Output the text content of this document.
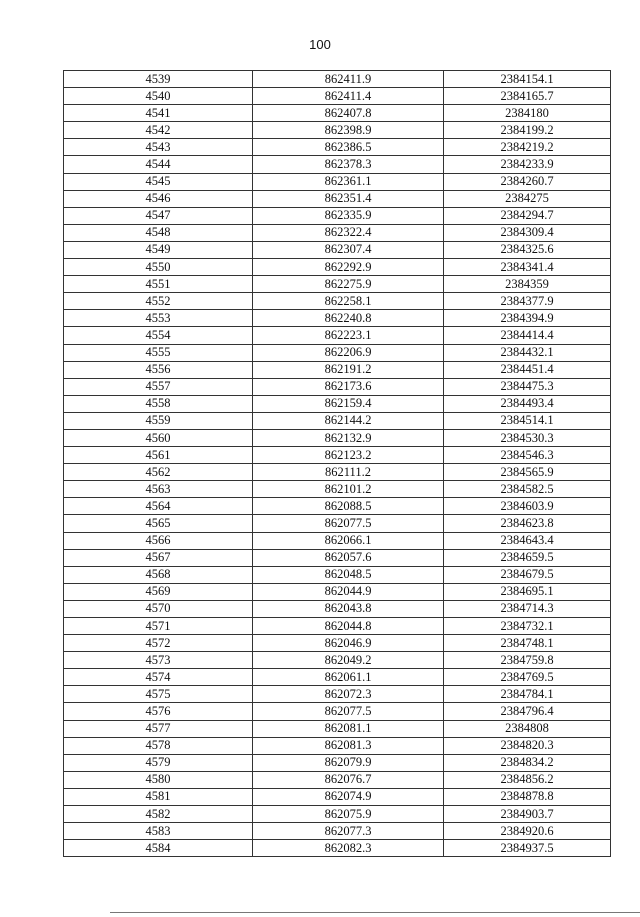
100
4539	862411.9	2384154.1
4540	862411.4	2384165.7
4541	862407.8	2384180
4542	862398.9	2384199.2
4543	862386.5	2384219.2
4544	862378.3	2384233.9
4545	862361.1	2384260.7
4546	862351.4	2384275
4547	862335.9	2384294.7
4548	862322.4	2384309.4
4549	862307.4	2384325.6
4550	862292.9	2384341.4
4551	862275.9	2384359
4552	862258.1	2384377.9
4553	862240.8	2384394.9
4554	862223.1	2384414.4
4555	862206.9	2384432.1
4556	862191.2	2384451.4
4557	862173.6	2384475.3
4558	862159.4	2384493.4
4559	862144.2	2384514.1
4560	862132.9	2384530.3
4561	862123.2	2384546.3
4562	862111.2	2384565.9
4563	862101.2	2384582.5
4564	862088.5	2384603.9
4565	862077.5	2384623.8
4566	862066.1	2384643.4
4567	862057.6	2384659.5
4568	862048.5	2384679.5
4569	862044.9	2384695.1
4570	862043.8	2384714.3
4571	862044.8	2384732.1
4572	862046.9	2384748.1
4573	862049.2	2384759.8
4574	862061.1	2384769.5
4575	862072.3	2384784.1
4576	862077.5	2384796.4
4577	862081.1	2384808
4578	862081.3	2384820.3
4579	862079.9	2384834.2
4580	862076.7	2384856.2
4581	862074.9	2384878.8
4582	862075.9	2384903.7
4583	862077.3	2384920.6
4584	862082.3	2384937.5
